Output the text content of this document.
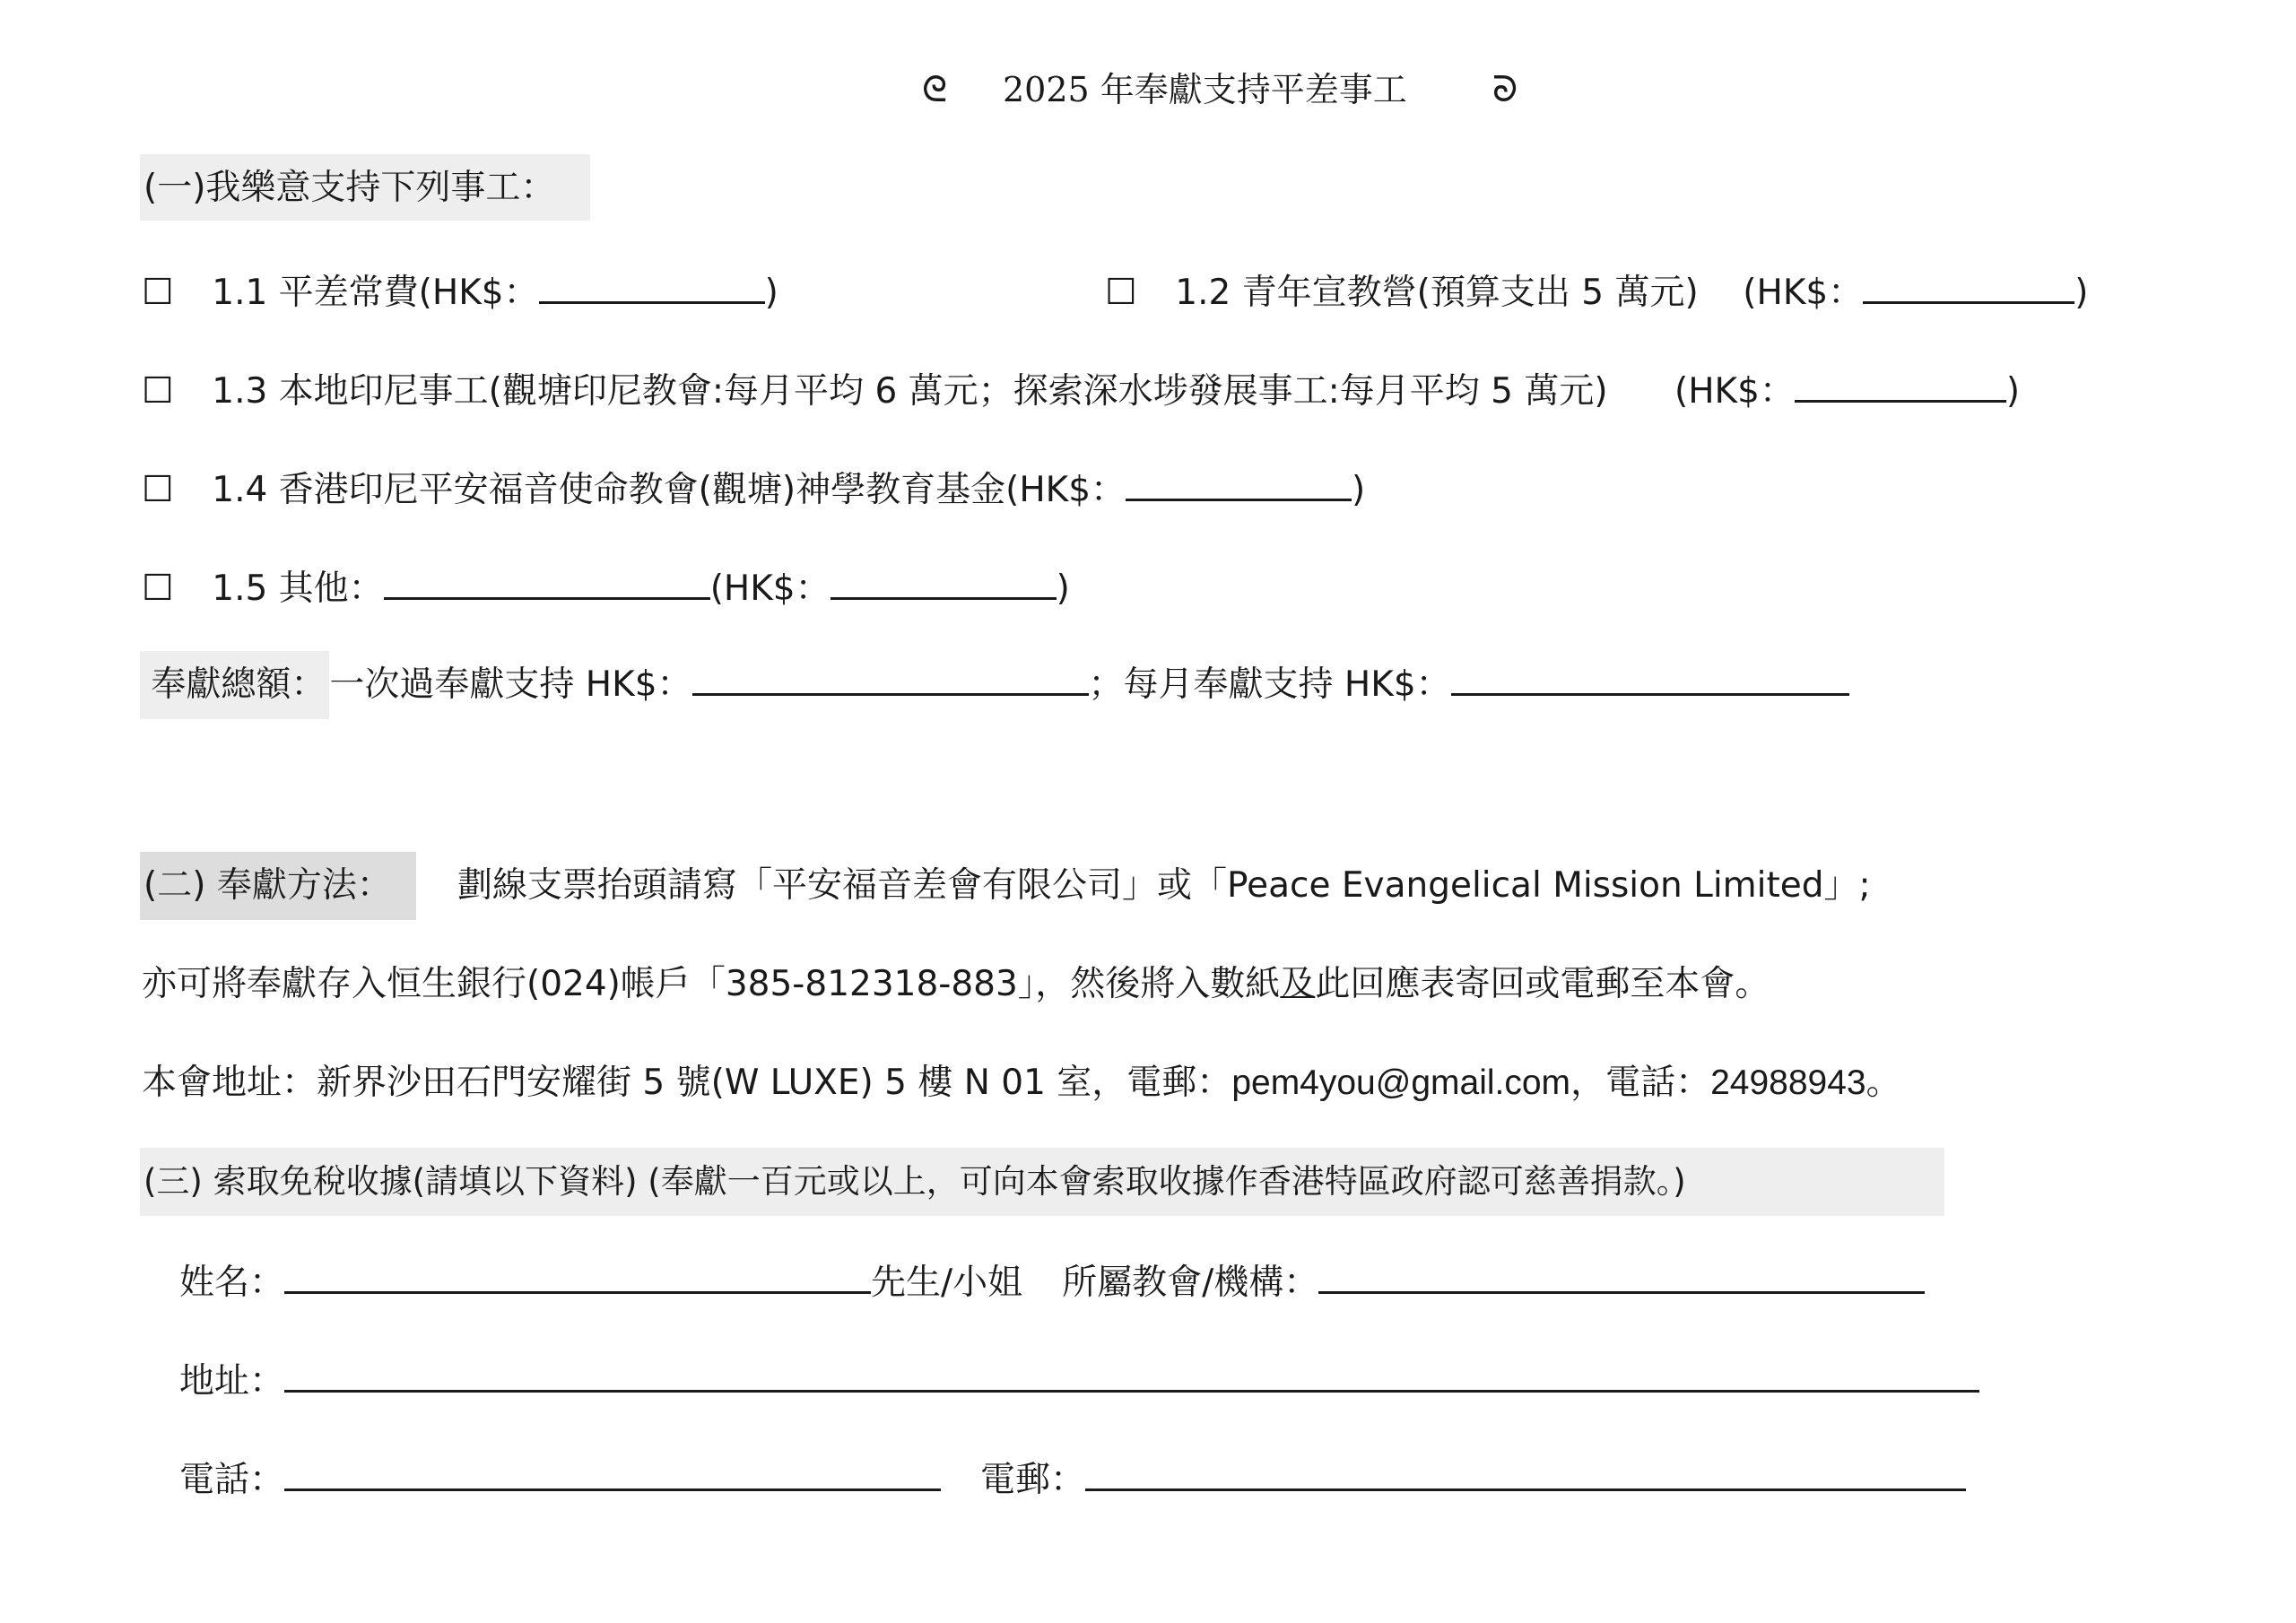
ᘓ 2025 年奉獻支持平差事工 ᘐ
(一)我樂意支持下列事工：
☐ 1.1 平差常費(HK$：	)	☐ 1.2 青年宣教營(預算支出 5 萬元)    (HK$：	)
☐ 1.3 本地印尼事工(觀塘印尼教會:每月平均 6 萬元；探索深水埗發展事工:每月平均 5 萬元)      (HK$：	)
☐ 1.4 香港印尼平安福音使命教會(觀塘)神學教育基金(HK$：	)
☐ 1.5 其他：	(HK$：	)
奉獻總額： 一次過奉獻支持 HK$：	；每月奉獻支持 HK$：
(二) 奉獻方法：	劃線支票抬頭請寫「平安福音差會有限公司」或「Peace Evangelical Mission Limited」;
亦可將奉獻存入恒生銀行(024)帳戶「385-812318-883」，然後將入數紙及此回應表寄回或電郵至本會。
本會地址：新界沙田石門安耀街 5 號(W LUXE) 5 樓 N 01 室，電郵：pem4you@gmail.com，電話：24988943。
(三) 索取免稅收據(請填以下資料) (奉獻一百元或以上，可向本會索取收據作香港特區政府認可慈善捐款。)
姓名：	先生/小姐 所屬教會/機構：
地址：
電話：	電郵：
